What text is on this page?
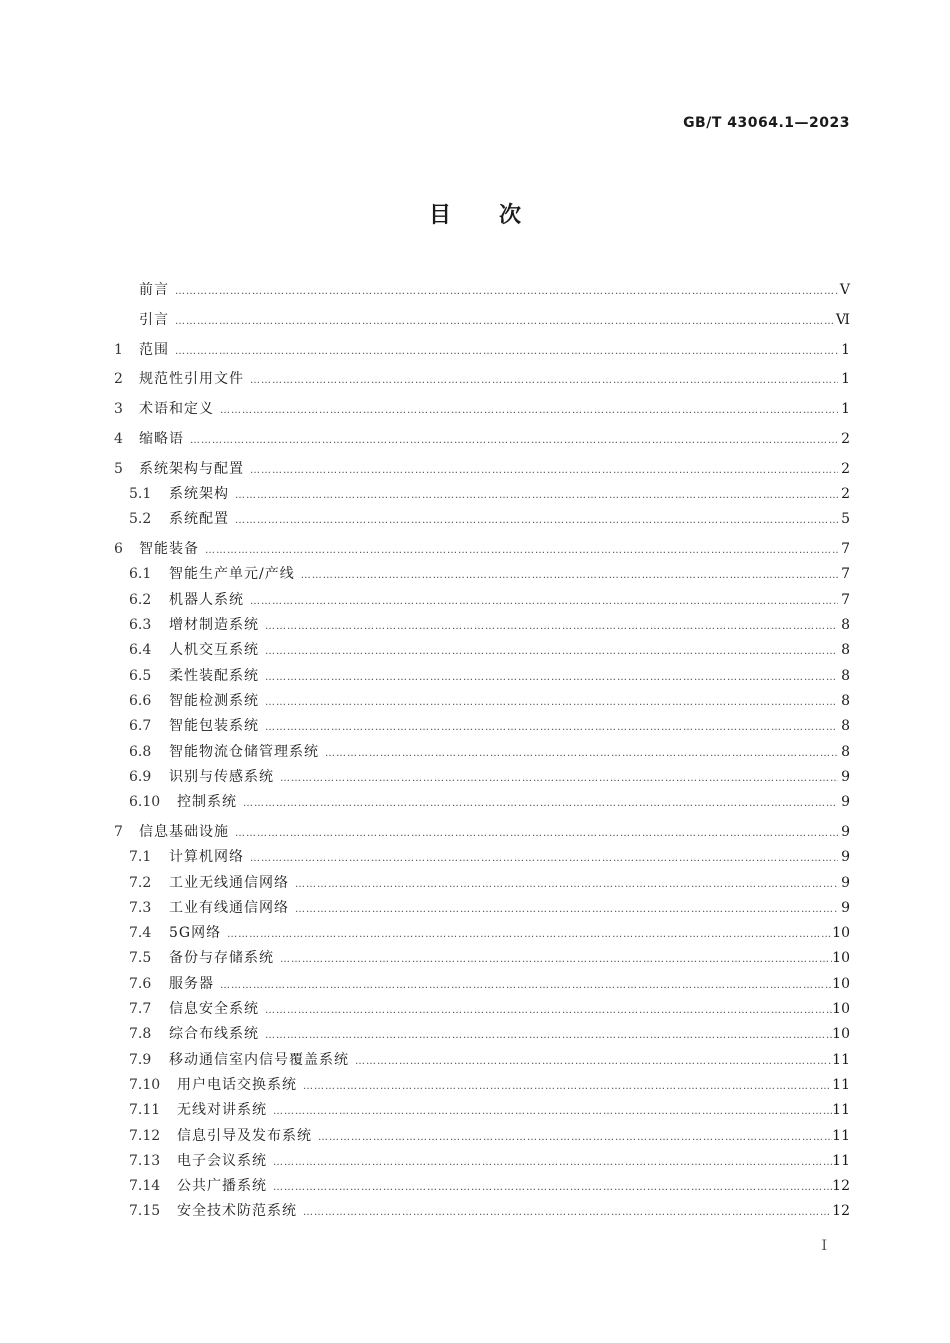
GB/T 43064.1—2023
目次
前言 ……………………………………………………………………………………………………………………………………………………………………………………………………………………………………………………………	Ⅴ
引言 ……………………………………………………………………………………………………………………………………………………………………………………………………………………………………………………………	Ⅵ
1	范围 ……………………………………………………………………………………………………………………………………………………………………………………………………………………………………………………………	1
2	规范性引用文件 ……………………………………………………………………………………………………………………………………………………………………………………………………………………………………………………………	1
3	术语和定义 ……………………………………………………………………………………………………………………………………………………………………………………………………………………………………………………………	1
4	缩略语 ……………………………………………………………………………………………………………………………………………………………………………………………………………………………………………………………	2
5	系统架构与配置 ……………………………………………………………………………………………………………………………………………………………………………………………………………………………………………………………	2
5.1	系统架构 ……………………………………………………………………………………………………………………………………………………………………………………………………………………………………………………………	2
5.2	系统配置 ……………………………………………………………………………………………………………………………………………………………………………………………………………………………………………………………	5
6	智能装备 ……………………………………………………………………………………………………………………………………………………………………………………………………………………………………………………………	7
6.1	智能生产单元/产线 ……………………………………………………………………………………………………………………………………………………………………………………………………………………………………………………………	7
6.2	机器人系统 ……………………………………………………………………………………………………………………………………………………………………………………………………………………………………………………………	7
6.3	增材制造系统 ……………………………………………………………………………………………………………………………………………………………………………………………………………………………………………………………	8
6.4	人机交互系统 ……………………………………………………………………………………………………………………………………………………………………………………………………………………………………………………………	8
6.5	柔性装配系统 ……………………………………………………………………………………………………………………………………………………………………………………………………………………………………………………………	8
6.6	智能检测系统 ……………………………………………………………………………………………………………………………………………………………………………………………………………………………………………………………	8
6.7	智能包装系统 ……………………………………………………………………………………………………………………………………………………………………………………………………………………………………………………………	8
6.8	智能物流仓储管理系统 ……………………………………………………………………………………………………………………………………………………………………………………………………………………………………………………………	8
6.9	识别与传感系统 ……………………………………………………………………………………………………………………………………………………………………………………………………………………………………………………………	9
6.10	控制系统 ……………………………………………………………………………………………………………………………………………………………………………………………………………………………………………………………	9
7	信息基础设施 ……………………………………………………………………………………………………………………………………………………………………………………………………………………………………………………………	9
7.1	计算机网络 ……………………………………………………………………………………………………………………………………………………………………………………………………………………………………………………………	9
7.2	工业无线通信网络 ……………………………………………………………………………………………………………………………………………………………………………………………………………………………………………………………	9
7.3	工业有线通信网络 ……………………………………………………………………………………………………………………………………………………………………………………………………………………………………………………………	9
7.4	5G网络 ……………………………………………………………………………………………………………………………………………………………………………………………………………………………………………………………	10
7.5	备份与存储系统 ……………………………………………………………………………………………………………………………………………………………………………………………………………………………………………………………	10
7.6	服务器 ……………………………………………………………………………………………………………………………………………………………………………………………………………………………………………………………	10
7.7	信息安全系统 ……………………………………………………………………………………………………………………………………………………………………………………………………………………………………………………………	10
7.8	综合布线系统 ……………………………………………………………………………………………………………………………………………………………………………………………………………………………………………………………	10
7.9	移动通信室内信号覆盖系统 ……………………………………………………………………………………………………………………………………………………………………………………………………………………………………………………………	11
7.10	用户电话交换系统 ……………………………………………………………………………………………………………………………………………………………………………………………………………………………………………………………	11
7.11	无线对讲系统 ……………………………………………………………………………………………………………………………………………………………………………………………………………………………………………………………	11
7.12	信息引导及发布系统 ……………………………………………………………………………………………………………………………………………………………………………………………………………………………………………………………	11
7.13	电子会议系统 ……………………………………………………………………………………………………………………………………………………………………………………………………………………………………………………………	11
7.14	公共广播系统 ……………………………………………………………………………………………………………………………………………………………………………………………………………………………………………………………	12
7.15	安全技术防范系统 ……………………………………………………………………………………………………………………………………………………………………………………………………………………………………………………………	12
Ⅰ
